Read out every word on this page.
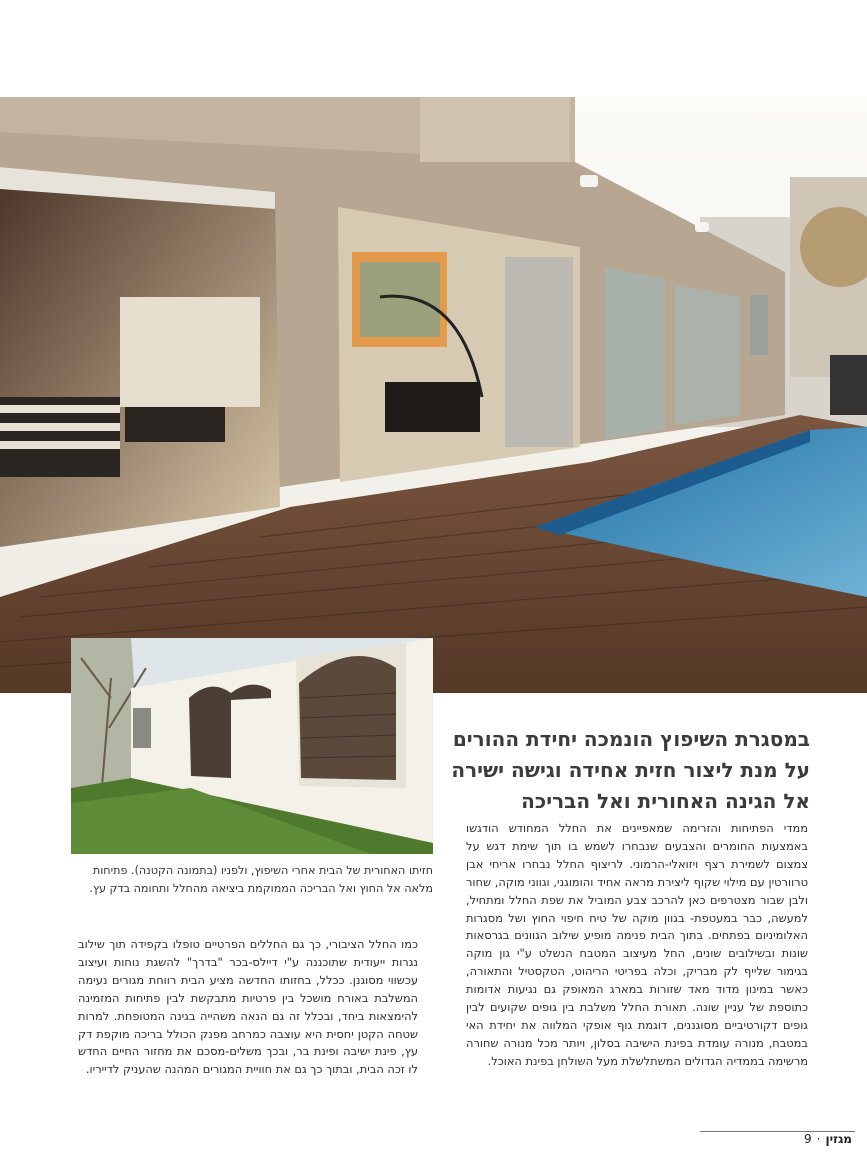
חזיתו האחורית של הבית אחרי השיפוץ, ולפניו (בתמונה הקטנה). פתיחות מלאה אל החוץ ואל הבריכה הממוקמת ביציאה מהחלל ותחומה בדק עץ.
במסגרת השיפוץ הונמכה יחידת ההורים על מנת ליצור חזית אחידה וגישה ישירה אל הגינה האחורית ואל הבריכה
ממדי הפתיחות והזרימה שמאפיינים את החלל המחודש הודגשו באמצעות החומרים והצבעים שנבחרו לשמש בו תוך שימת דגש על צמצום לשמירת רצף ויזואלי-הרמוני. לריצוף החלל נבחרו אריחי אבן טרוורטין עם מילוי שקוף ליצירת מראה אחיד והומוגני, וגווני מוקה, שחור ולבן שבור מצטרפים כאן להרכב צבע המוביל את שפת החלל ומתחיל, למעשה, כבר במעטפת- בגוון מוקה של טיח חיפוי החוץ ושל מסגרות האלומיניום בפתחים. בתוך הבית פנימה מופיע שילוב הגוונים בגרסאות שונות ובשילובים שונים, החל מעיצוב המטבח הנשלט ע"י גון מוקה בגימור שלייף לק מבריק, וכלה בפריטי הריהוט, הטקסטיל והתאורה, כאשר במינון מדוד מאד שזורות במארג המאופק גם נגיעות אדומות כתוספת של עניין שונה. תאורת החלל משלבת בין גופים שקועים לבין גופים דקורטיביים מסוגננים, דוגמת גוף אופקי המלווה את יחידת האי במטבח, מנורה עומדת בפינת הישיבה בסלון, ויותר מכל מנורה שחורה מרשימה בממדיה הגדולים המשתלשלת מעל השולחן בפינת האוכל.
כמו החלל הציבורי, כך גם החללים הפרטיים טופלו בקפידה תוך שילוב נגרות ייעודית שתוכננה ע"י דיילס-בכר "בדרך" להשגת נוחות ועיצוב עכשווי מסוגנן. ככלל, בחזותו החדשה מציע הבית רווחת מגורים נעימה המשלבת באורח מושכל בין פרטיות מתבקשת לבין פתיחות המזמינה להימצאות ביחד, ובכלל זה גם הנאה משהייה בגינה המטופחת. למרות שטחה הקטן יחסית היא עוצבה כמרחב מפנק הכולל בריכה מוקפת דק עץ, פינת ישיבה ופינת בר, ובכך משלים-מסכם את מחזור החיים החדש לו זכה הבית, ובתוך כך גם את חוויית המגורים המהנה שהעניק לדייריו.
מגזין·9
